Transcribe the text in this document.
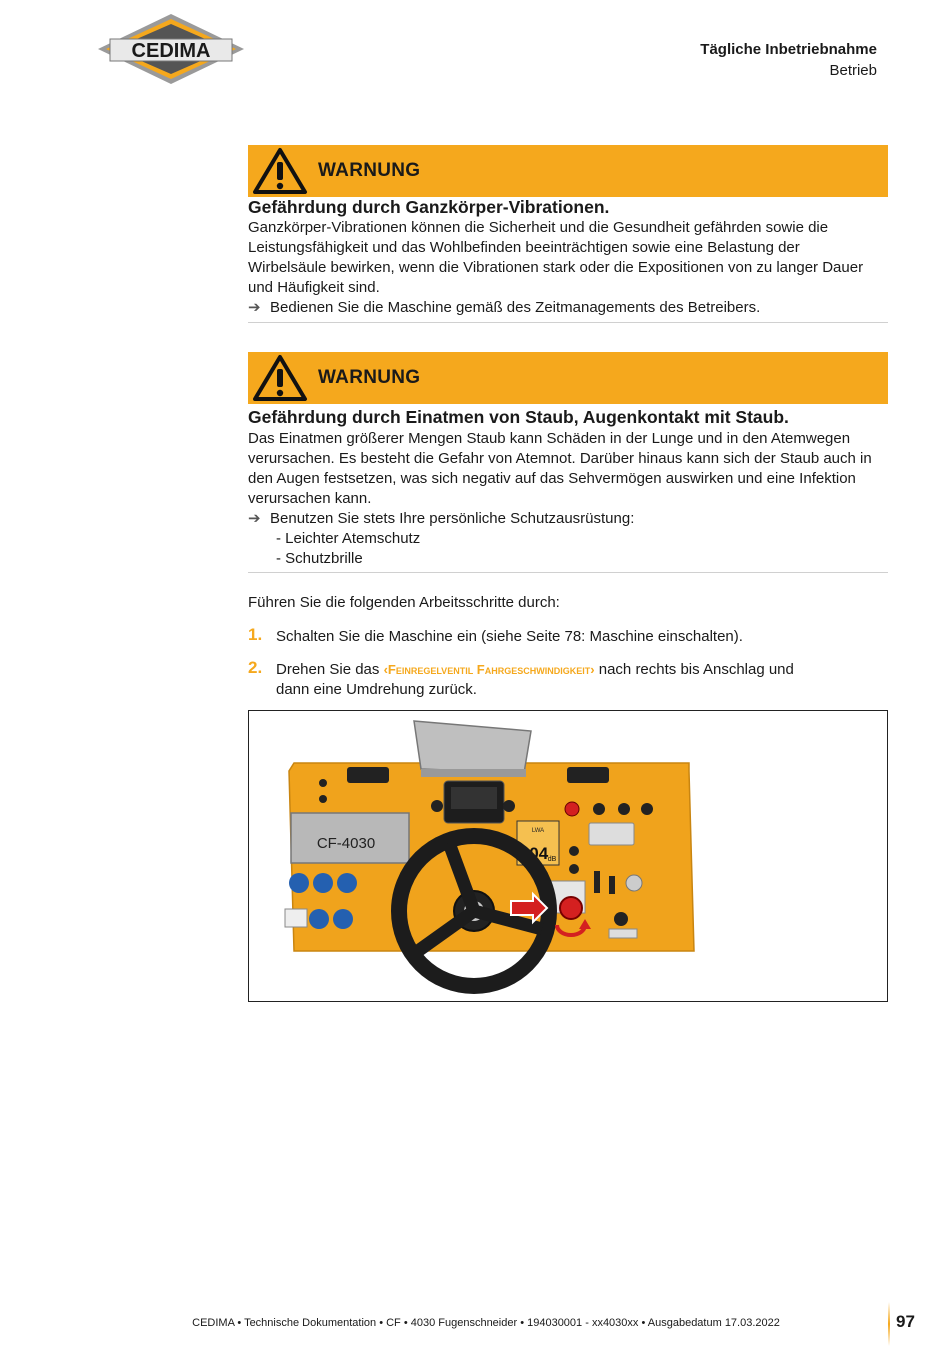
CEDIMA	Tägliche Inbetriebnahme
Betrieb
WARNUNG
Gefährdung durch Ganzkörper-Vibrationen.
Ganzkörper-Vibrationen können die Sicherheit und die Gesundheit gefährden sowie die
Leistungsfähigkeit und das Wohlbefinden beeinträchtigen sowie eine Belastung der
Wirbelsäule bewirken, wenn die Vibrationen stark oder die Expositionen von zu langer Dauer
und Häufigkeit sind.
➔ Bedienen Sie die Maschine gemäß des Zeitmanagements des Betreibers.
WARNUNG
Gefährdung durch Einatmen von Staub, Augenkontakt mit Staub.
Das Einatmen größerer Mengen Staub kann Schäden in der Lunge und in den Atemwegen
verursachen. Es besteht die Gefahr von Atemnot. Darüber hinaus kann sich der Staub auch in
den Augen festsetzen, was sich negativ auf das Sehvermögen auswirken und eine Infektion
verursachen kann.
➔ Benutzen Sie stets Ihre persönliche Schutzausrüstung:
- Leichter Atemschutz
- Schutzbrille
Führen Sie die folgenden Arbeitsschritte durch:
1. Schalten Sie die Maschine ein (siehe Seite 78: Maschine einschalten).
2. Drehen Sie das ‹Feinregelventil Fahrgeschwindigkeit› nach rechts bis Anschlag und
dann eine Umdrehung zurück.
CF-4030
LWA
104 dB
CEDIMA • Technische Dokumentation • CF • 4030 Fugenschneider • 194030001 - xx4030xx • Ausgabedatum 17.03.2022	97
